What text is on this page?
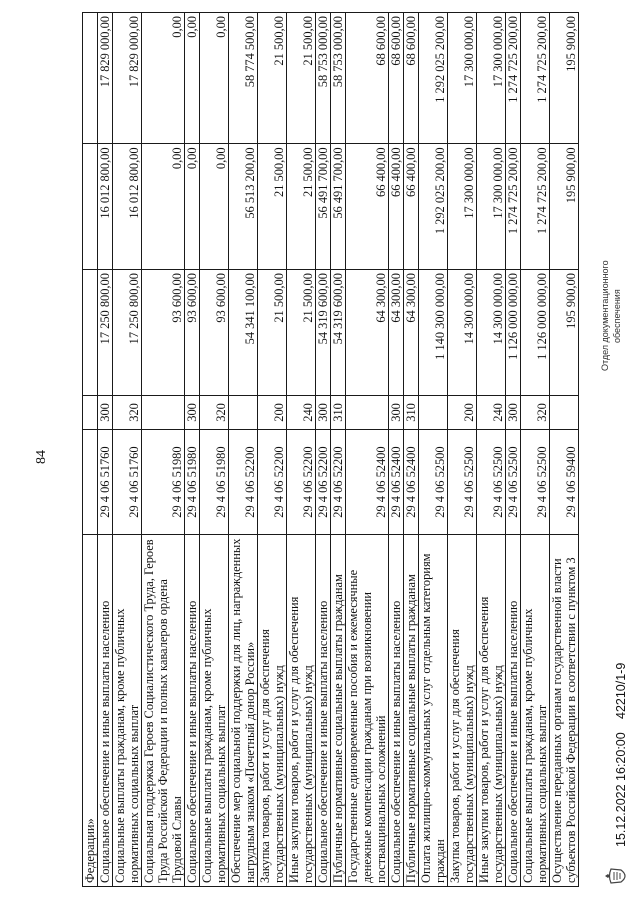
84
Федерации»					
Социальное обеспечение и иные выплаты населению	29 4 06 51760	300	17 250 800,00	16 012 800,00	17 829 000,00
Социальные выплаты гражданам, кроме публичных нормативных социальных выплат	29 4 06 51760	320	17 250 800,00	16 012 800,00	17 829 000,00
Социальная поддержка Героев Социалистического Труда, Героев Труда Российской Федерации и полных кавалеров ордена Трудовой Славы	29 4 06 51980		93 600,00	0,00	0,00
Социальное обеспечение и иные выплаты населению	29 4 06 51980	300	93 600,00	0,00	0,00
Социальные выплаты гражданам, кроме публичных нормативных социальных выплат	29 4 06 51980	320	93 600,00	0,00	0,00
Обеспечение мер социальной поддержки для лиц, награжденных нагрудным знаком «Почетный донор России»	29 4 06 52200		54 341 100,00	56 513 200,00	58 774 500,00
Закупка товаров, работ и услуг для обеспечения государственных (муниципальных) нужд	29 4 06 52200	200	21 500,00	21 500,00	21 500,00
Иные закупки товаров, работ и услуг для обеспечения государственных (муниципальных) нужд	29 4 06 52200	240	21 500,00	21 500,00	21 500,00
Социальное обеспечение и иные выплаты населению	29 4 06 52200	300	54 319 600,00	56 491 700,00	58 753 000,00
Публичные нормативные социальные выплаты гражданам	29 4 06 52200	310	54 319 600,00	56 491 700,00	58 753 000,00
Государственные единовременные пособия и ежемесячные денежные компенсации гражданам при возникновении поствакцинальных осложнений	29 4 06 52400		64 300,00	66 400,00	68 600,00
Социальное обеспечение и иные выплаты населению	29 4 06 52400	300	64 300,00	66 400,00	68 600,00
Публичные нормативные социальные выплаты гражданам	29 4 06 52400	310	64 300,00	66 400,00	68 600,00
Оплата жилищно-коммунальных услуг отдельным категориям граждан	29 4 06 52500		1 140 300 000,00	1 292 025 200,00	1 292 025 200,00
Закупка товаров, работ и услуг для обеспечения государственных (муниципальных) нужд	29 4 06 52500	200	14 300 000,00	17 300 000,00	17 300 000,00
Иные закупки товаров, работ и услуг для обеспечения государственных (муниципальных) нужд	29 4 06 52500	240	14 300 000,00	17 300 000,00	17 300 000,00
Социальное обеспечение и иные выплаты населению	29 4 06 52500	300	1 126 000 000,00	1 274 725 200,00	1 274 725 200,00
Социальные выплаты гражданам, кроме публичных нормативных социальных выплат	29 4 06 52500	320	1 126 000 000,00	1 274 725 200,00	1 274 725 200,00
Осуществление переданных органам государственной власти субъектов Российской Федерации в соответствии с пунктом 3	29 4 06 59400		195 900,00	195 900,00	195 900,00
15.12.2022 16:20:00
42210/1-9
Отдел документационного обеспечения
